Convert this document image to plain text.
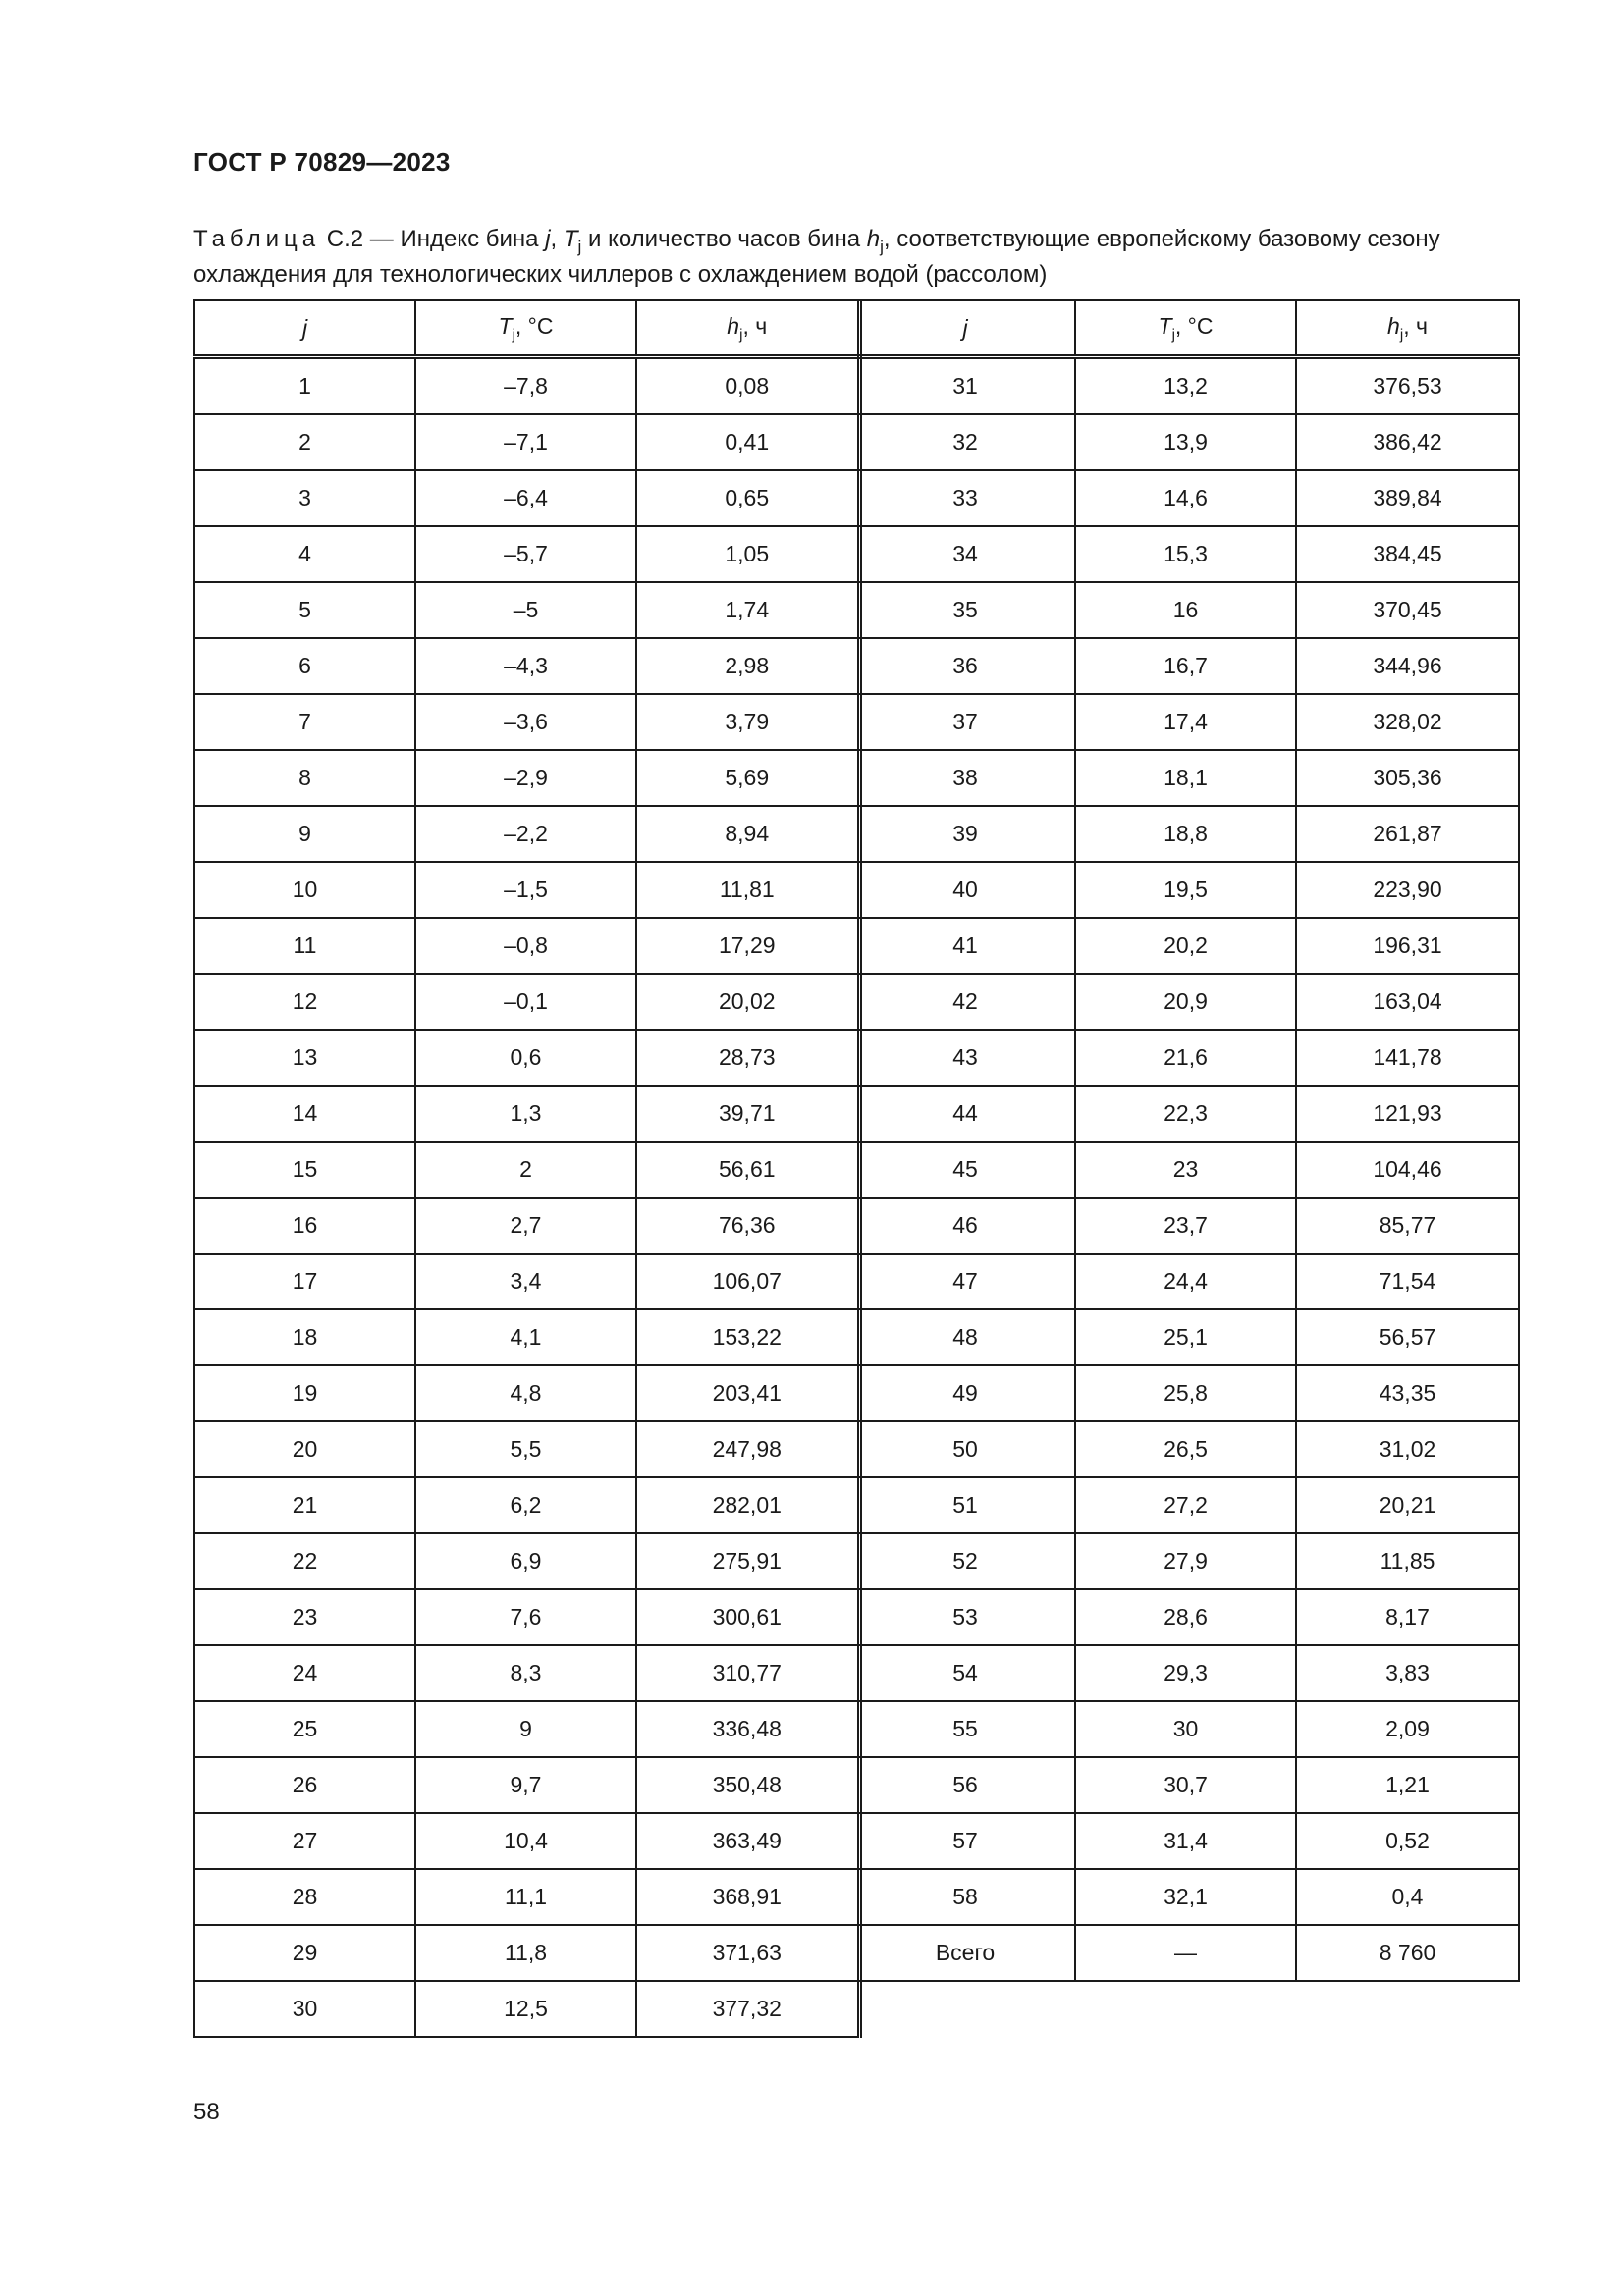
ГОСТ Р 70829—2023
Таблица С.2 — Индекс бина j, $T_j$ и количество часов бина $h_j$, соответствующие европейскому базовому сезону охлаждения для технологических чиллеров с охлаждением водой (рассолом)
j	$T_j$, °C	$h_j$, ч
1	–7,8	0,08
2	–7,1	0,41
3	–6,4	0,65
4	–5,7	1,05
5	–5	1,74
6	–4,3	2,98
7	–3,6	3,79
8	–2,9	5,69
9	–2,2	8,94
10	–1,5	11,81
11	–0,8	17,29
12	–0,1	20,02
13	0,6	28,73
14	1,3	39,71
15	2	56,61
16	2,7	76,36
17	3,4	106,07
18	4,1	153,22
19	4,8	203,41
20	5,5	247,98
21	6,2	282,01
22	6,9	275,91
23	7,6	300,61
24	8,3	310,77
25	9	336,48
26	9,7	350,48
27	10,4	363,49
28	11,1	368,91
29	11,8	371,63
30	12,5	377,32
j	$T_j$, °C	$h_j$, ч
31	13,2	376,53
32	13,9	386,42
33	14,6	389,84
34	15,3	384,45
35	16	370,45
36	16,7	344,96
37	17,4	328,02
38	18,1	305,36
39	18,8	261,87
40	19,5	223,90
41	20,2	196,31
42	20,9	163,04
43	21,6	141,78
44	22,3	121,93
45	23	104,46
46	23,7	85,77
47	24,4	71,54
48	25,1	56,57
49	25,8	43,35
50	26,5	31,02
51	27,2	20,21
52	27,9	11,85
53	28,6	8,17
54	29,3	3,83
55	30	2,09
56	30,7	1,21
57	31,4	0,52
58	32,1	0,4
Всего	—	8 760
58
